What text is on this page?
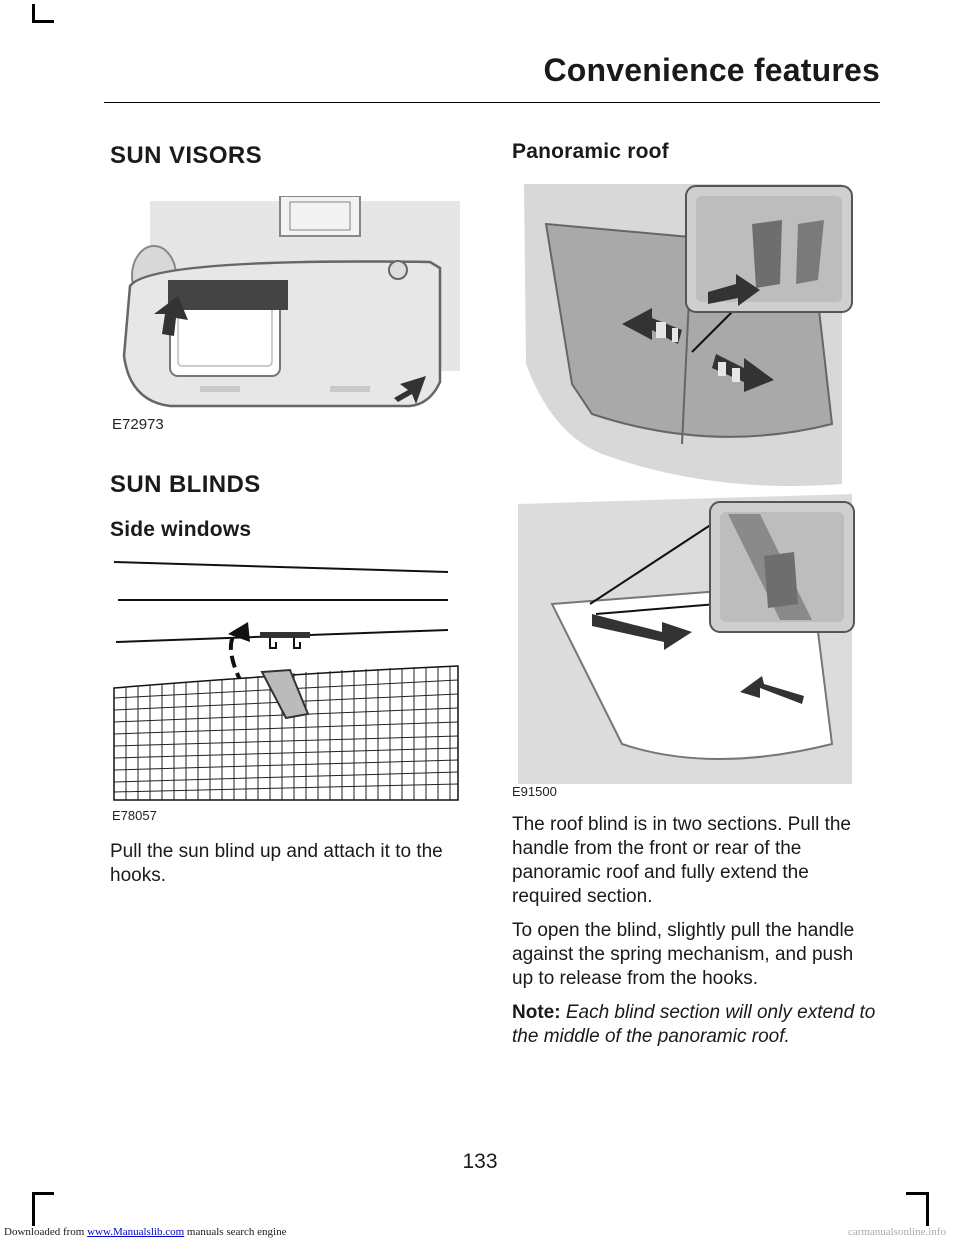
Convenience features
SUN VISORS
E72973
SUN BLINDS
Side windows
E78057
Pull the sun blind up and attach it to the hooks.
Panoramic roof
E91500

The roof blind is in two sections. Pull the handle from the front or rear of the panoramic roof and fully extend the required section.

To open the blind, slightly pull the handle against the spring mechanism, and push up to release from the hooks.

Note: Each blind section will only extend to the middle of the panoramic roof.

133
Downloaded from www.Manualslib.com manuals search engine	carmanualsonline.info
